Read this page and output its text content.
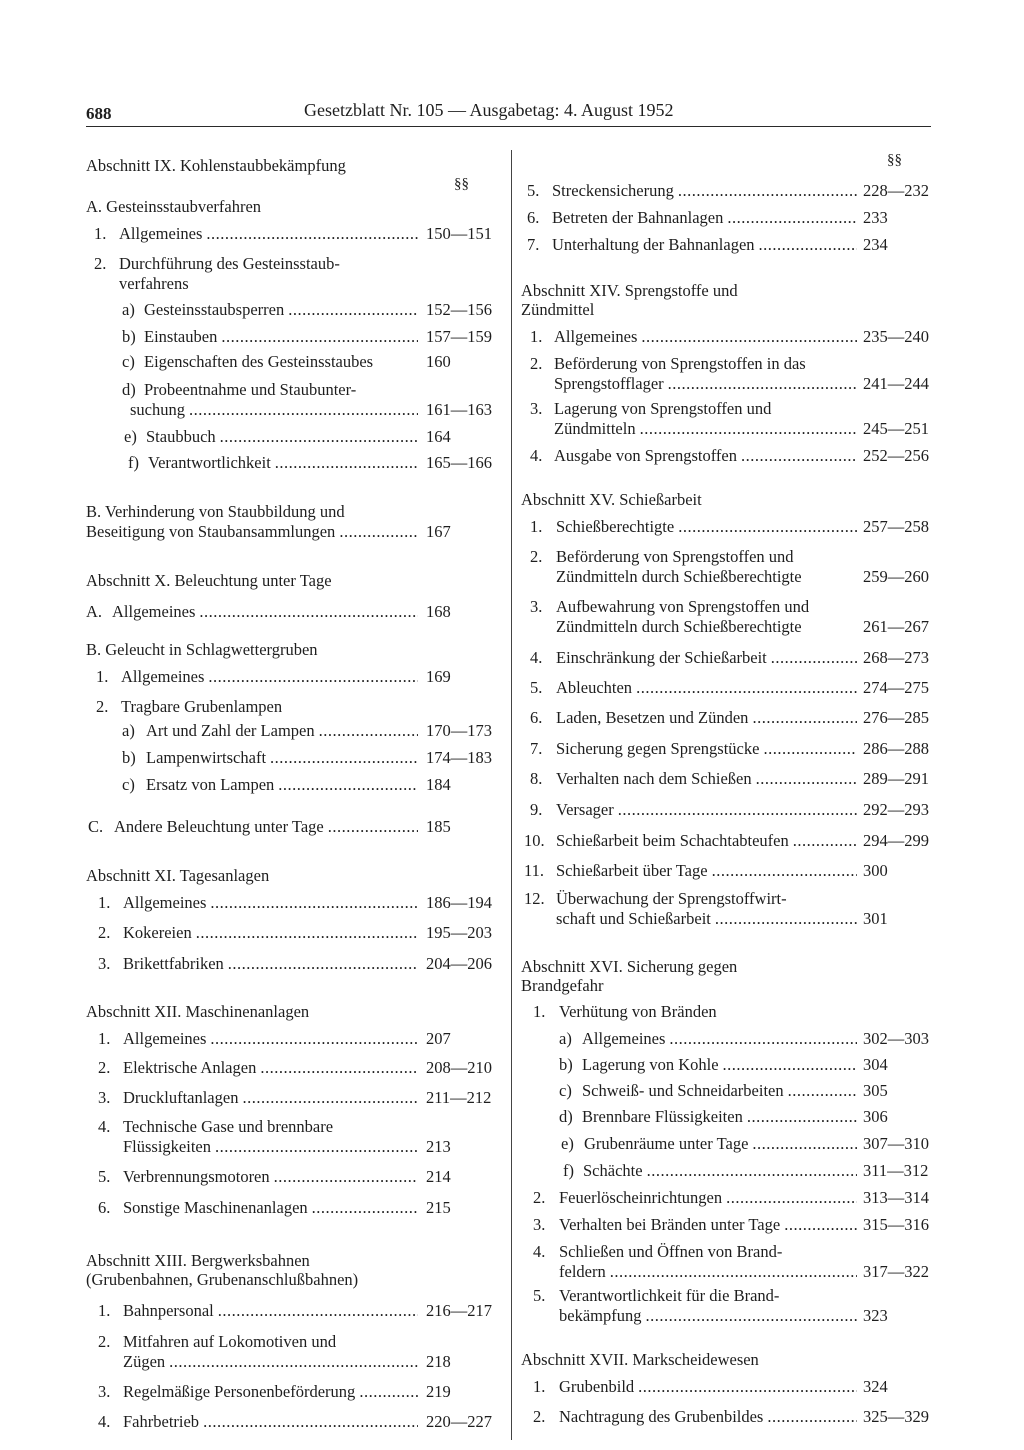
688	Gesetzblatt Nr. 105 — Ausgabetag: 4. August 1952
Abschnitt IX. Kohlenstaubbekämpfung
§§
A. Gesteinsstaubverfahren
1. Allgemeines .....	150—151
2. Durchführung des Gesteinsstaub-
verfahrens
a) Gesteinsstaubsperren .....	152—156
b) Einstauben .....	157—159
c) Eigenschaften des Gesteinsstaubes	160
d) Probeentnahme und Staubunter-
suchung .....	161—163
e) Staubbuch .....	164
f) Verantwortlichkeit .....	165—166
B. Verhinderung von Staubbildung und
Beseitigung von Staubansammlungen .....	167
Abschnitt X. Beleuchtung unter Tage
A. Allgemeines .....	168
B. Geleucht in Schlagwettergruben
1. Allgemeines .....	169
2. Tragbare Grubenlampen
a) Art und Zahl der Lampen .....	170—173
b) Lampenwirtschaft .....	174—183
c) Ersatz von Lampen .....	184
C. Andere Beleuchtung unter Tage .....	185
Abschnitt XI. Tagesanlagen
1. Allgemeines .....	186—194
2. Kokereien .....	195—203
3. Brikettfabriken .....	204—206
Abschnitt XII. Maschinenanlagen
1. Allgemeines .....	207
2. Elektrische Anlagen .....	208—210
3. Druckluftanlagen .....	211—212
4. Technische Gase und brennbare
Flüssigkeiten .....	213
5. Verbrennungsmotoren .....	214
6. Sonstige Maschinenanlagen .....	215
Abschnitt XIII. Bergwerksbahnen
(Grubenbahnen, Grubenanschlußbahnen)
1. Bahnpersonal .....	216—217
2. Mitfahren auf Lokomotiven und
Zügen .....	218
3. Regelmäßige Personenbeförderung .....	219
4. Fahrbetrieb .....	220—227
§§
5. Streckensicherung .....	228—232
6. Betreten der Bahnanlagen .....	233
7. Unterhaltung der Bahnanlagen .....	234
Abschnitt XIV. Sprengstoffe und
Zündmittel
1. Allgemeines .....	235—240
2. Beförderung von Sprengstoffen in das
Sprengstofflager .....	241—244
3. Lagerung von Sprengstoffen und
Zündmitteln .....	245—251
4. Ausgabe von Sprengstoffen .....	252—256
Abschnitt XV. Schießarbeit
1. Schießberechtigte .....	257—258
2. Beförderung von Sprengstoffen und
Zündmitteln durch Schießberechtigte	259—260
3. Aufbewahrung von Sprengstoffen und
Zündmitteln durch Schießberechtigte	261—267
4. Einschränkung der Schießarbeit .....	268—273
5. Ableuchten .....	274—275
6. Laden, Besetzen und Zünden .....	276—285
7. Sicherung gegen Sprengstücke .....	286—288
8. Verhalten nach dem Schießen .....	289—291
9. Versager .....	292—293
10. Schießarbeit beim Schachtabteufen .....	294—299
11. Schießarbeit über Tage .....	300
12. Überwachung der Sprengstoffwirt-
schaft und Schießarbeit .....	301
Abschnitt XVI. Sicherung gegen
Brandgefahr
1. Verhütung von Bränden
a) Allgemeines .....	302—303
b) Lagerung von Kohle .....	304
c) Schweiß- und Schneidarbeiten .....	305
d) Brennbare Flüssigkeiten .....	306
e) Grubenräume unter Tage .....	307—310
f) Schächte .....	311—312
2. Feuerlöscheinrichtungen .....	313—314
3. Verhalten bei Bränden unter Tage .....	315—316
4. Schließen und Öffnen von Brand-
feldern .....	317—322
5. Verantwortlichkeit für die Brand-
bekämpfung .....	323
Abschnitt XVII. Markscheidewesen
1. Grubenbild .....	324
2. Nachtragung des Grubenbildes .....	325—329
